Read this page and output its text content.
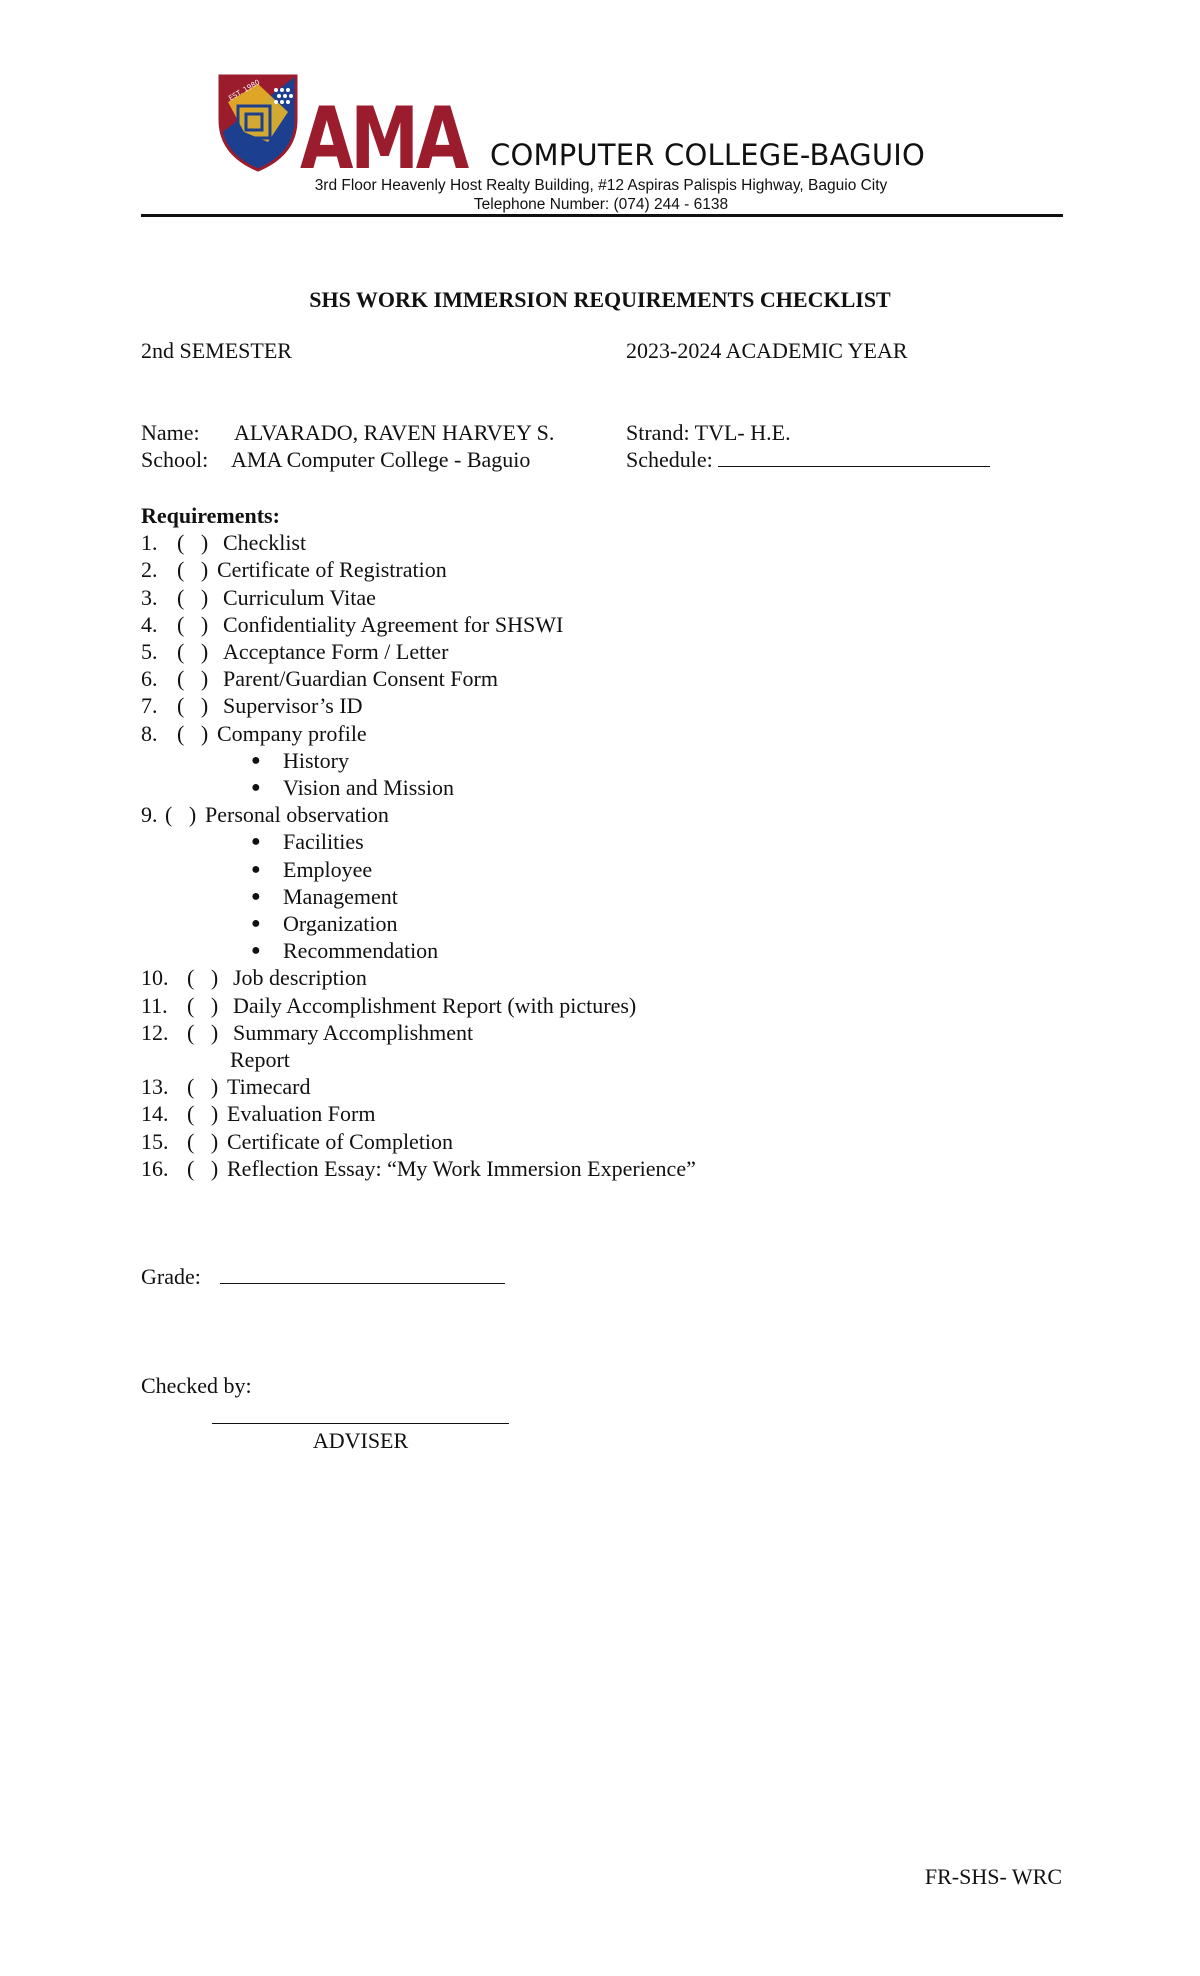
EST. 1980 AMA COMPUTER COLLEGE-BAGUIO
3rd Floor Heavenly Host Realty Building, #12 Aspiras Palispis Highway, Baguio City
Telephone Number: (074) 244 - 6138
SHS WORK IMMERSION REQUIREMENTS CHECKLIST
2nd SEMESTER	2023-2024 ACADEMIC YEAR
Name: ALVARADO, RAVEN HARVEY S.
School: AMA Computer College - Baguio
Strand: TVL- H.E.
Schedule:
Requirements:
1. (   ) Checklist
2. (   ) Certificate of Registration
3. (   ) Curriculum Vitae
4. (   ) Confidentiality Agreement for SHSWI
5. (   ) Acceptance Form / Letter
6. (   ) Parent/Guardian Consent Form
7. (   ) Supervisor’s ID
8. (   ) Company profile
●	History
●	Vision and Mission
9. (   ) Personal observation
●	Facilities
●	Employee
●	Management
●	Organization
●	Recommendation
10. (   ) Job description
11. (   ) Daily Accomplishment Report (with pictures)
12. (   ) Summary Accomplishment
Report
13. (   ) Timecard
14. (   ) Evaluation Form
15. (   ) Certificate of Completion
16. (   ) Reflection Essay: “My Work Immersion Experience”
Grade:
Checked by:
ADVISER
FR-SHS- WRC
